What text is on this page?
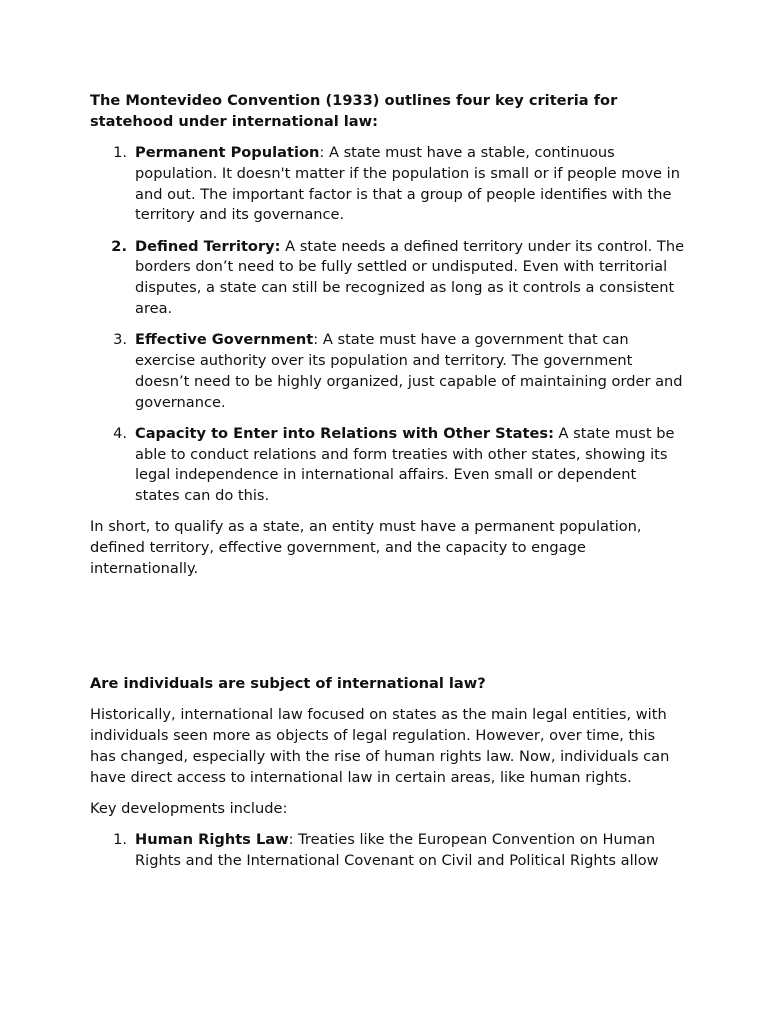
The Montevideo Convention (1933) outlines four key criteria for statehood under international law:

1. Permanent Population: A state must have a stable, continuous population. It doesn't matter if the population is small or if people move in and out. The important factor is that a group of people identifies with the territory and its governance.
2. Defined Territory: A state needs a defined territory under its control. The borders don’t need to be fully settled or undisputed. Even with territorial disputes, a state can still be recognized as long as it controls a consistent area.
3. Effective Government: A state must have a government that can exercise authority over its population and territory. The government doesn’t need to be highly organized, just capable of maintaining order and governance.
4. Capacity to Enter into Relations with Other States: A state must be able to conduct relations and form treaties with other states, showing its legal independence in international affairs. Even small or dependent states can do this.

In short, to qualify as a state, an entity must have a permanent population, defined territory, effective government, and the capacity to engage internationally.

Are individuals are subject of international law?

Historically, international law focused on states as the main legal entities, with individuals seen more as objects of legal regulation. However, over time, this has changed, especially with the rise of human rights law. Now, individuals can have direct access to international law in certain areas, like human rights.

Key developments include:

1. Human Rights Law: Treaties like the European Convention on Human Rights and the International Covenant on Civil and Political Rights allow
